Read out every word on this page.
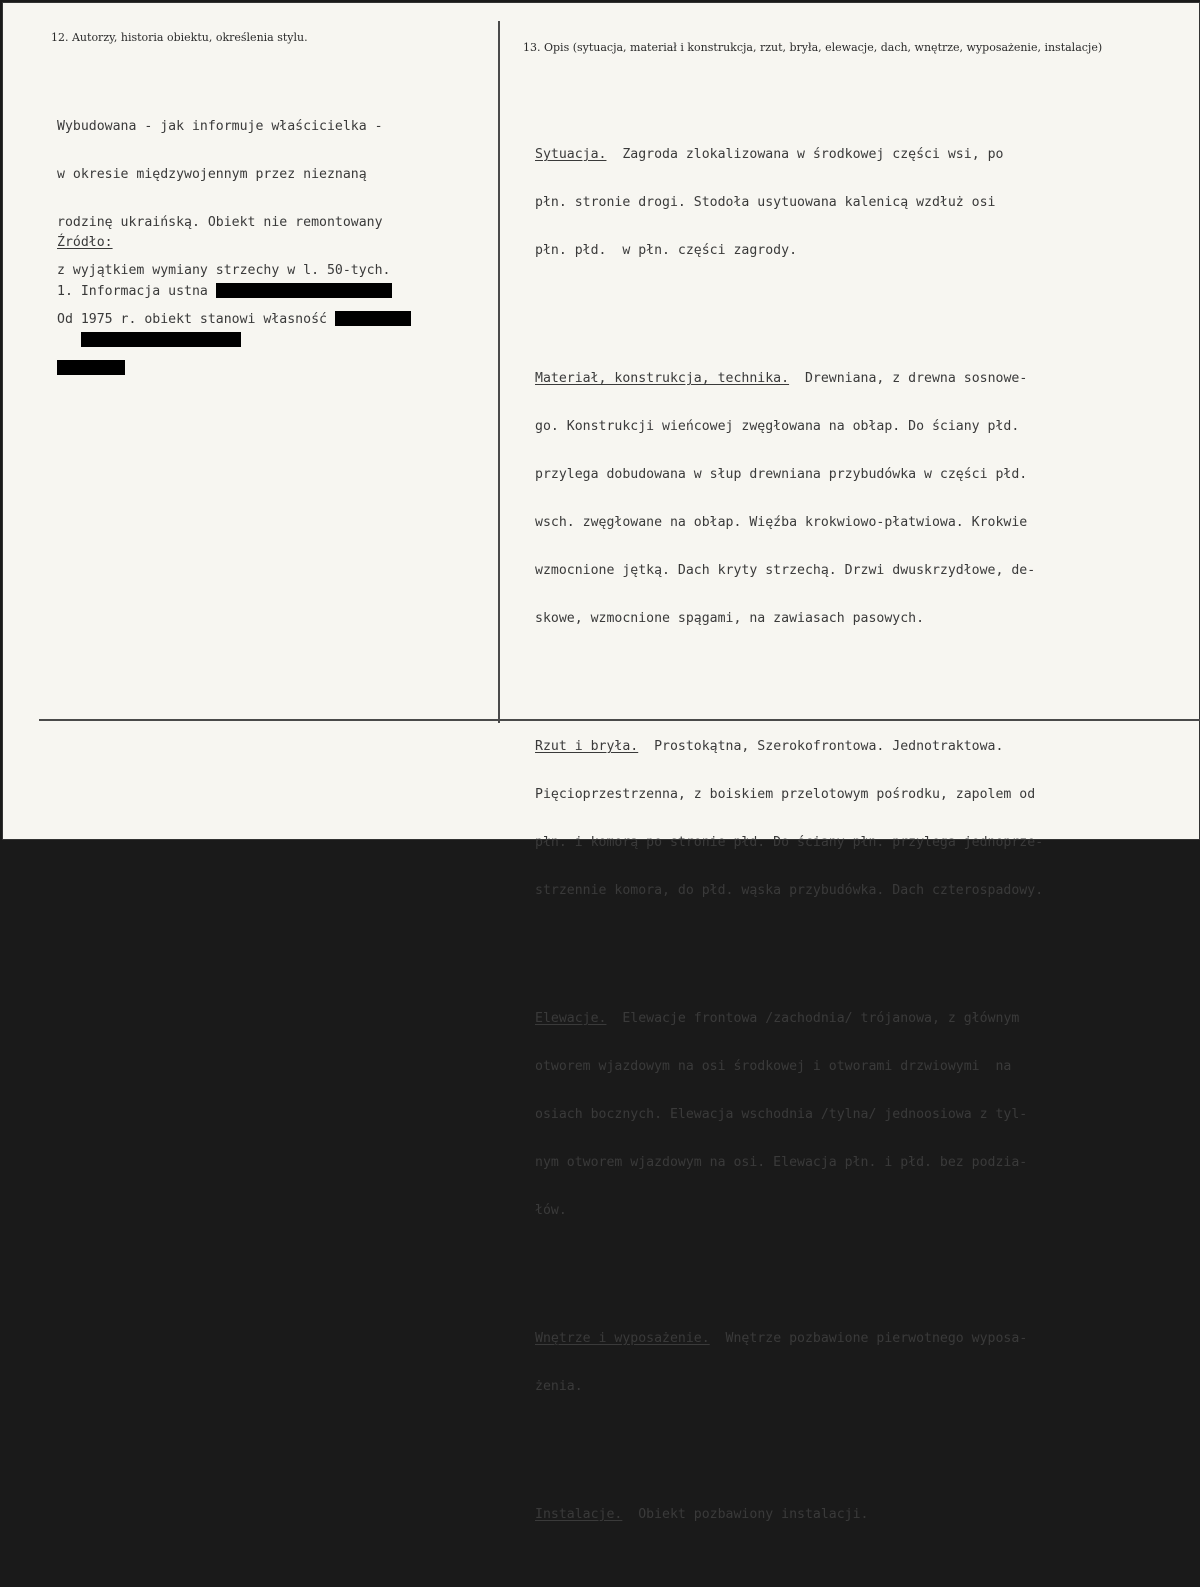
12. Autorzy, historia obiektu, określenia stylu.
13. Opis (sytuacja, materiał i konstrukcja, rzut, bryła, elewacje, dach, wnętrze, wyposażenie, instalacje)

Wybudowana - jak informuje właścicielka -

w okresie międzywojennym przez nieznaną

rodzinę ukraińską. Obiekt nie remontowany

z wyjątkiem wymiany strzechy w l. 50-tych.

Od 1975 r. obiekt stanowi własność

Źródło:

1. Informacja ustna

Sytuacja.  Zagroda zlokalizowana w środkowej części wsi, po

płn. stronie drogi. Stodoła usytuowana kalenicą wzdłuż osi

płn. płd.  w płn. części zagrody.

Materiał, konstrukcja, technika.  Drewniana, z drewna sosnowe-

go. Konstrukcji wieńcowej zwęgłowana na obłap. Do ściany płd.

przylega dobudowana w słup drewniana przybudówka w części płd.

wsch. zwęgłowane na obłap. Więźba krokwiowo-płatwiowa. Krokwie

wzmocnione jętką. Dach kryty strzechą. Drzwi dwuskrzydłowe, de-

skowe, wzmocnione spągami, na zawiasach pasowych.

Rzut i bryła.  Prostokątna, Szerokofrontowa. Jednotraktowa.

Pięcioprzestrzenna, z boiskiem przelotowym pośrodku, zapolem od

płn. i komorą po stronie płd. Do ściany płn. przylega jednoprze-

strzennie komora, do płd. wąska przybudówka. Dach czterospadowy.

Elewacje.  Elewacje frontowa /zachodnia/ trójanowa, z głównym

otworem wjazdowym na osi środkowej i otworami drzwiowymi  na

osiach bocznych. Elewacja wschodnia /tylna/ jednoosiowa z tyl-

nym otworem wjazdowym na osi. Elewacja płn. i płd. bez podzia-

łów.

Wnętrze i wyposażenie.  Wnętrze pozbawione pierwotnego wyposa-

żenia.

Instalacje.  Obiekt pozbawiony instalacji.
